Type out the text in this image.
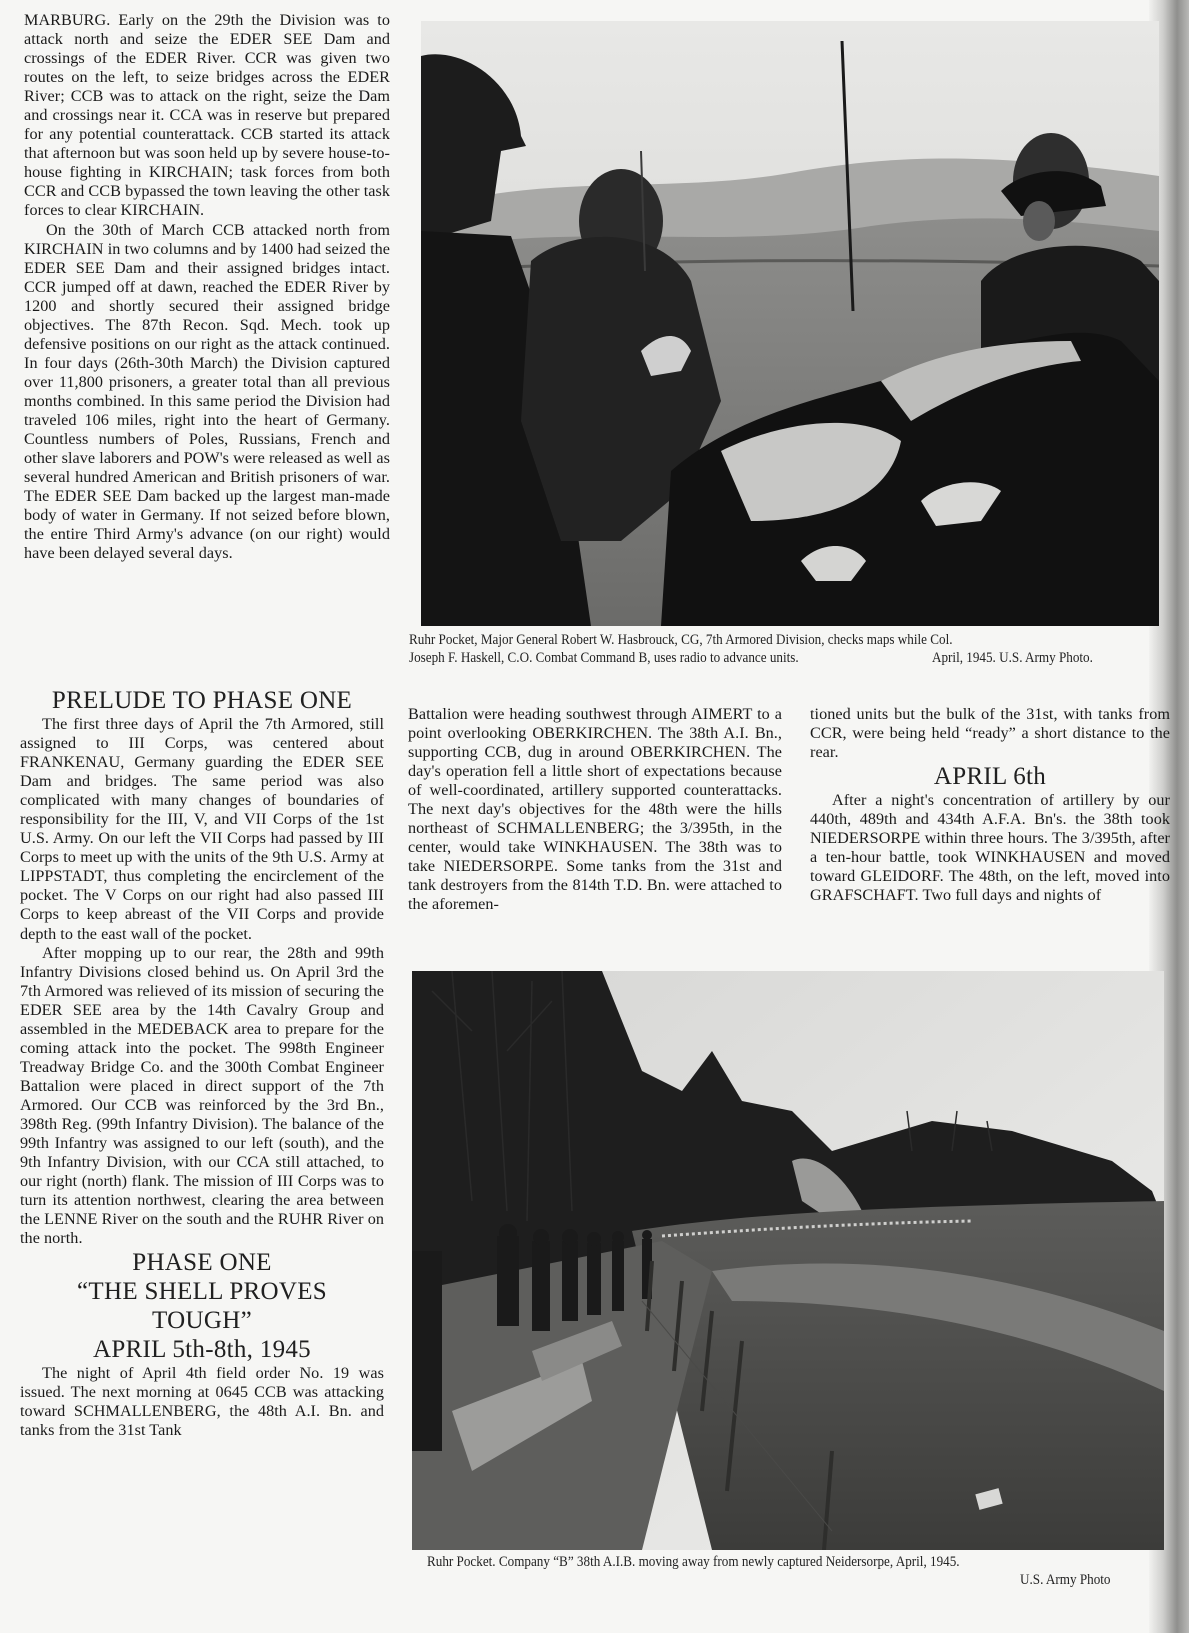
MARBURG. Early on the 29th the Division was to attack north and seize the EDER SEE Dam and crossings of the EDER River. CCR was given two routes on the left, to seize bridges across the EDER River; CCB was to attack on the right, seize the Dam and crossings near it. CCA was in reserve but prepared for any potential counterattack. CCB started its attack that afternoon but was soon held up by severe house-to-house fighting in KIRCHAIN; task forces from both CCR and CCB bypassed the town leaving the other task forces to clear KIRCHAIN.

On the 30th of March CCB attacked north from KIRCHAIN in two columns and by 1400 had seized the EDER SEE Dam and their assigned bridges intact. CCR jumped off at dawn, reached the EDER River by 1200 and shortly secured their assigned bridge objectives. The 87th Recon. Sqd. Mech. took up defensive positions on our right as the attack continued. In four days (26th-30th March) the Division captured over 11,800 prisoners, a greater total than all previous months combined. In this same period the Division had traveled 106 miles, right into the heart of Germany. Countless numbers of Poles, Russians, French and other slave laborers and POW's were released as well as several hundred American and British prisoners of war. The EDER SEE Dam backed up the largest man-made body of water in Germany. If not seized before blown, the entire Third Army's advance (on our right) would have been delayed several days.

PRELUDE TO PHASE ONE

The first three days of April the 7th Armored, still assigned to III Corps, was centered about FRANKENAU, Germany guarding the EDER SEE Dam and bridges. The same period was also complicated with many changes of boundaries of responsibility for the III, V, and VII Corps of the 1st U.S. Army. On our left the VII Corps had passed by III Corps to meet up with the units of the 9th U.S. Army at LIPPSTADT, thus completing the encirclement of the pocket. The V Corps on our right had also passed III Corps to keep abreast of the VII Corps and provide depth to the east wall of the pocket.

After mopping up to our rear, the 28th and 99th Infantry Divisions closed behind us. On April 3rd the 7th Armored was relieved of its mission of securing the EDER SEE area by the 14th Cavalry Group and assembled in the MEDEBACK area to prepare for the coming attack into the pocket. The 998th Engineer Treadway Bridge Co. and the 300th Combat Engineer Battalion were placed in direct support of the 7th Armored. Our CCB was reinforced by the 3rd Bn., 398th Reg. (99th Infantry Division). The balance of the 99th Infantry was assigned to our left (south), and the 9th Infantry Division, with our CCA still attached, to our right (north) flank. The mission of III Corps was to turn its attention northwest, clearing the area between the LENNE River on the south and the RUHR River on the north.

PHASE ONE
“THE SHELL PROVES
TOUGH”
APRIL 5th-8th, 1945

The night of April 4th field order No. 19 was issued. The next morning at 0645 CCB was attacking toward SCHMALLENBERG, the 48th A.I. Bn. and tanks from the 31st Tank

Battalion were heading southwest through AIMERT to a point overlooking OBERKIRCHEN. The 38th A.I. Bn., supporting CCB, dug in around OBERKIRCHEN. The day's operation fell a little short of expectations because of well-coordinated, artillery supported counterattacks. The next day's objectives for the 48th were the hills northeast of SCHMALLENBERG; the 3/395th, in the center, would take WINKHAUSEN. The 38th was to take NIEDERSORPE. Some tanks from the 31st and tank destroyers from the 814th T.D. Bn. were attached to the aforemen-

tioned units but the bulk of the 31st, with tanks from CCR, were being held “ready” a short distance to the rear.

APRIL 6th

After a night's concentration of artillery by our 440th, 489th and 434th A.F.A. Bn's. the 38th took NIEDERSORPE within three hours. The 3/395th, after a ten-hour battle, took WINKHAUSEN and moved toward GLEIDORF. The 48th, on the left, moved into GRAFSCHAFT. Two full days and nights of

Ruhr Pocket, Major General Robert W. Hasbrouck, CG, 7th Armored Division, checks maps while Col.
Joseph F. Haskell, C.O. Combat Command B, uses radio to advance units.	April, 1945. U.S. Army Photo.
Ruhr Pocket. Company “B” 38th A.I.B. moving away from newly captured Neidersorpe, April, 1945.
U.S. Army Photo
